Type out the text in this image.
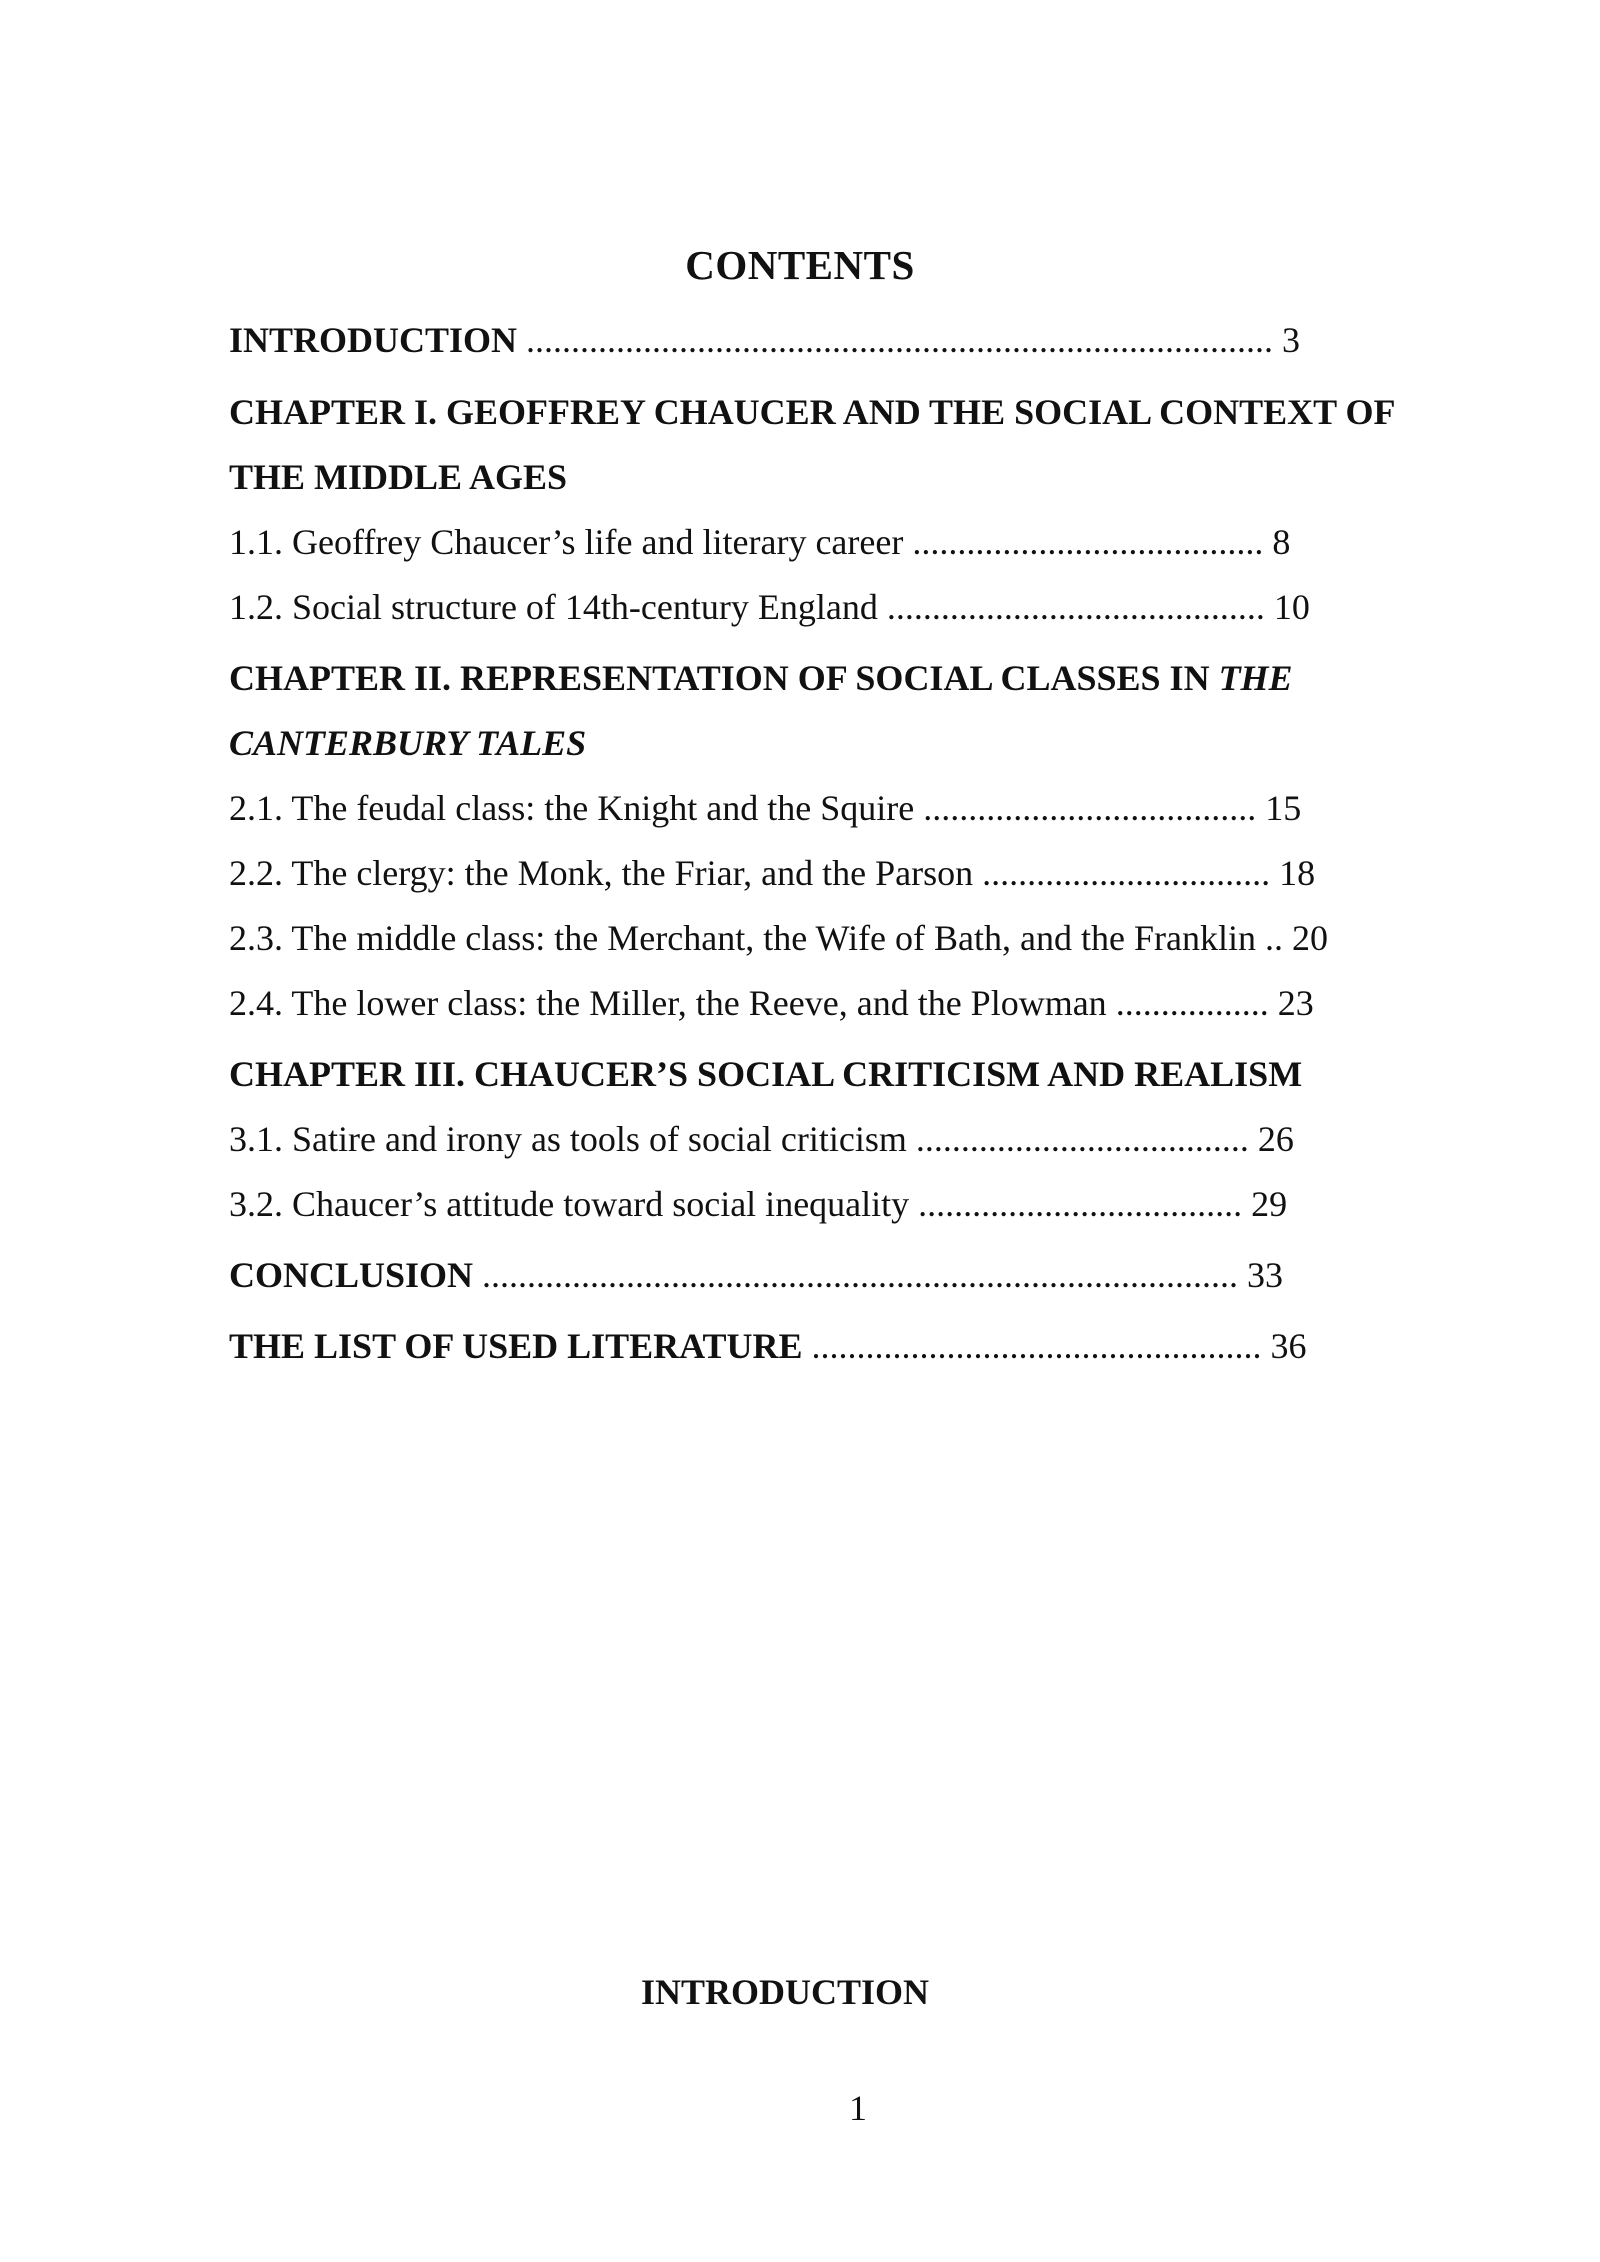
CONTENTS
INTRODUCTION ................................................................................... 3
CHAPTER I. GEOFFREY CHAUCER AND THE SOCIAL CONTEXT OF
THE MIDDLE AGES
1.1. Geoffrey Chaucer’s life and literary career ....................................... 8
1.2. Social structure of 14th-century England .......................................... 10
CHAPTER II. REPRESENTATION OF SOCIAL CLASSES IN THE
CANTERBURY TALES
2.1. The feudal class: the Knight and the Squire ..................................... 15
2.2. The clergy: the Monk, the Friar, and the Parson ................................ 18
2.3. The middle class: the Merchant, the Wife of Bath, and the Franklin .. 20
2.4. The lower class: the Miller, the Reeve, and the Plowman ................. 23
CHAPTER III. CHAUCER’S SOCIAL CRITICISM AND REALISM
3.1. Satire and irony as tools of social criticism ..................................... 26
3.2. Chaucer’s attitude toward social inequality .................................... 29
CONCLUSION .................................................................................... 33
THE LIST OF USED LITERATURE .................................................. 36
INTRODUCTION
1
